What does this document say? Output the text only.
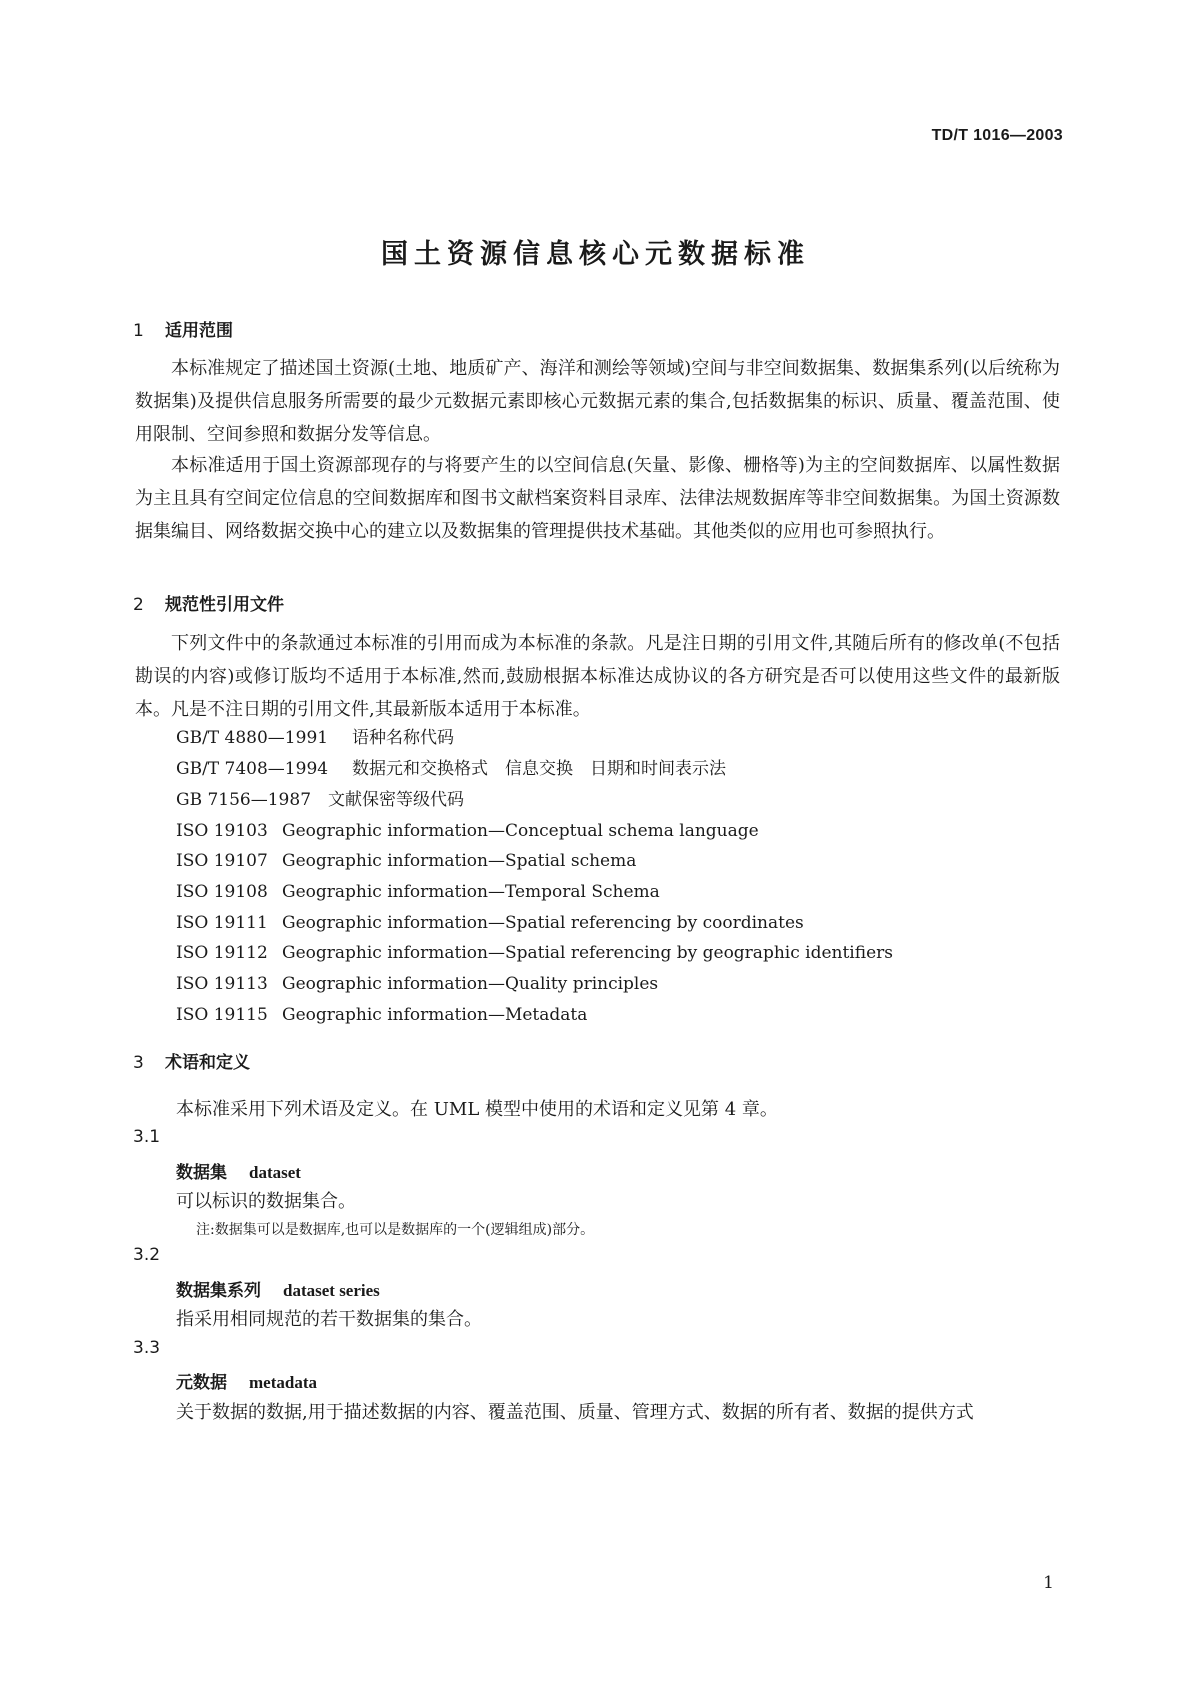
TD/T 1016—2003
国土资源信息核心元数据标准
1 适用范围
本标准规定了描述国土资源(土地、地质矿产、海洋和测绘等领域)空间与非空间数据集、数据集系列(以后统称为数据集)及提供信息服务所需要的最少元数据元素即核心元数据元素的集合,包括数据集的标识、质量、覆盖范围、使用限制、空间参照和数据分发等信息。
本标准适用于国土资源部现存的与将要产生的以空间信息(矢量、影像、栅格等)为主的空间数据库、以属性数据为主且具有空间定位信息的空间数据库和图书文献档案资料目录库、法律法规数据库等非空间数据集。为国土资源数据集编目、网络数据交换中心的建立以及数据集的管理提供技术基础。其他类似的应用也可参照执行。
2 规范性引用文件
下列文件中的条款通过本标准的引用而成为本标准的条款。凡是注日期的引用文件,其随后所有的修改单(不包括勘误的内容)或修订版均不适用于本标准,然而,鼓励根据本标准达成协议的各方研究是否可以使用这些文件的最新版本。凡是不注日期的引用文件,其最新版本适用于本标准。
GB/T 4880—1991 语种名称代码
GB/T 7408—1994 数据元和交换格式　信息交换　日期和时间表示法
GB 7156—1987 文献保密等级代码
ISO 19103 Geographic information—Conceptual schema language
ISO 19107 Geographic information—Spatial schema
ISO 19108 Geographic information—Temporal Schema
ISO 19111 Geographic information—Spatial referencing by coordinates
ISO 19112 Geographic information—Spatial referencing by geographic identifiers
ISO 19113 Geographic information—Quality principles
ISO 19115 Geographic information—Metadata
3 术语和定义
本标准采用下列术语及定义。在 UML 模型中使用的术语和定义见第 4 章。
3.1
数据集 dataset
可以标识的数据集合。
注:数据集可以是数据库,也可以是数据库的一个(逻辑组成)部分。
3.2
数据集系列 dataset series
指采用相同规范的若干数据集的集合。
3.3
元数据 metadata
关于数据的数据,用于描述数据的内容、覆盖范围、质量、管理方式、数据的所有者、数据的提供方式
1
